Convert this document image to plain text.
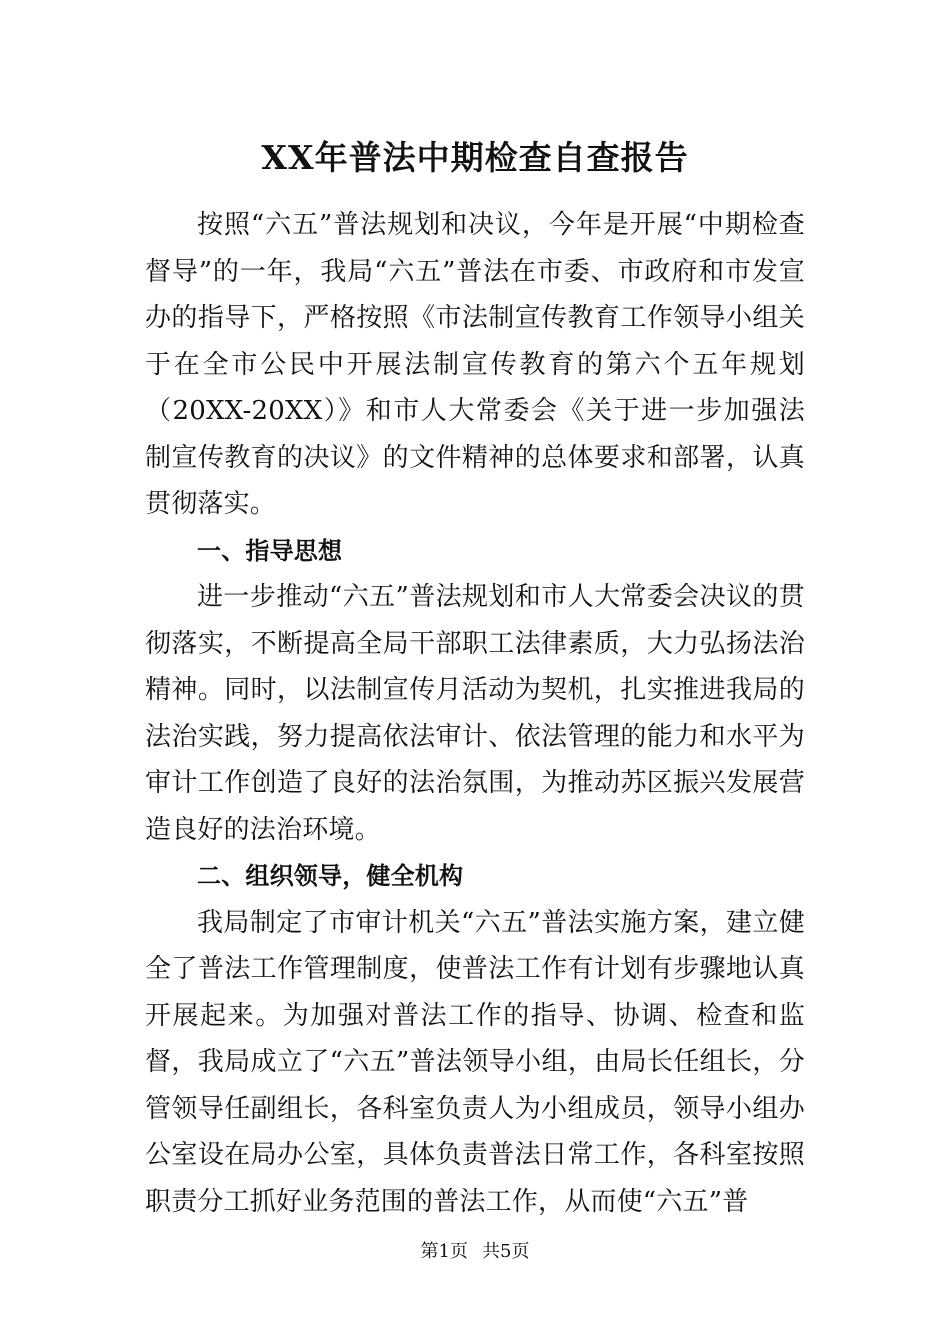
XX年普法中期检查自查报告

按照“六五”普法规划和决议，今年是开展“中期检查督导”的一年，我局“六五”普法在市委、市政府和市发宣办的指导下，严格按照《市法制宣传教育工作领导小组关于在全市公民中开展法制宣传教育的第六个五年规划（20XX-20XX）》和市人大常委会《关于进一步加强法制宣传教育的决议》的文件精神的总体要求和部署，认真贯彻落实。

一、指导思想

进一步推动“六五”普法规划和市人大常委会决议的贯彻落实，不断提高全局干部职工法律素质，大力弘扬法治精神。同时，以法制宣传月活动为契机，扎实推进我局的法治实践，努力提高依法审计、依法管理的能力和水平为审计工作创造了良好的法治氛围，为推动苏区振兴发展营造良好的法治环境。

二、组织领导，健全机构

我局制定了市审计机关“六五”普法实施方案，建立健全了普法工作管理制度，使普法工作有计划有步骤地认真开展起来。为加强对普法工作的指导、协调、检查和监督，我局成立了“六五”普法领导小组，由局长任组长，分管领导任副组长，各科室负责人为小组成员，领导小组办公室设在局办公室，具体负责普法日常工作，各科室按照职责分工抓好业务范围的普法工作，从而使“六五”普

第1页 共5页
